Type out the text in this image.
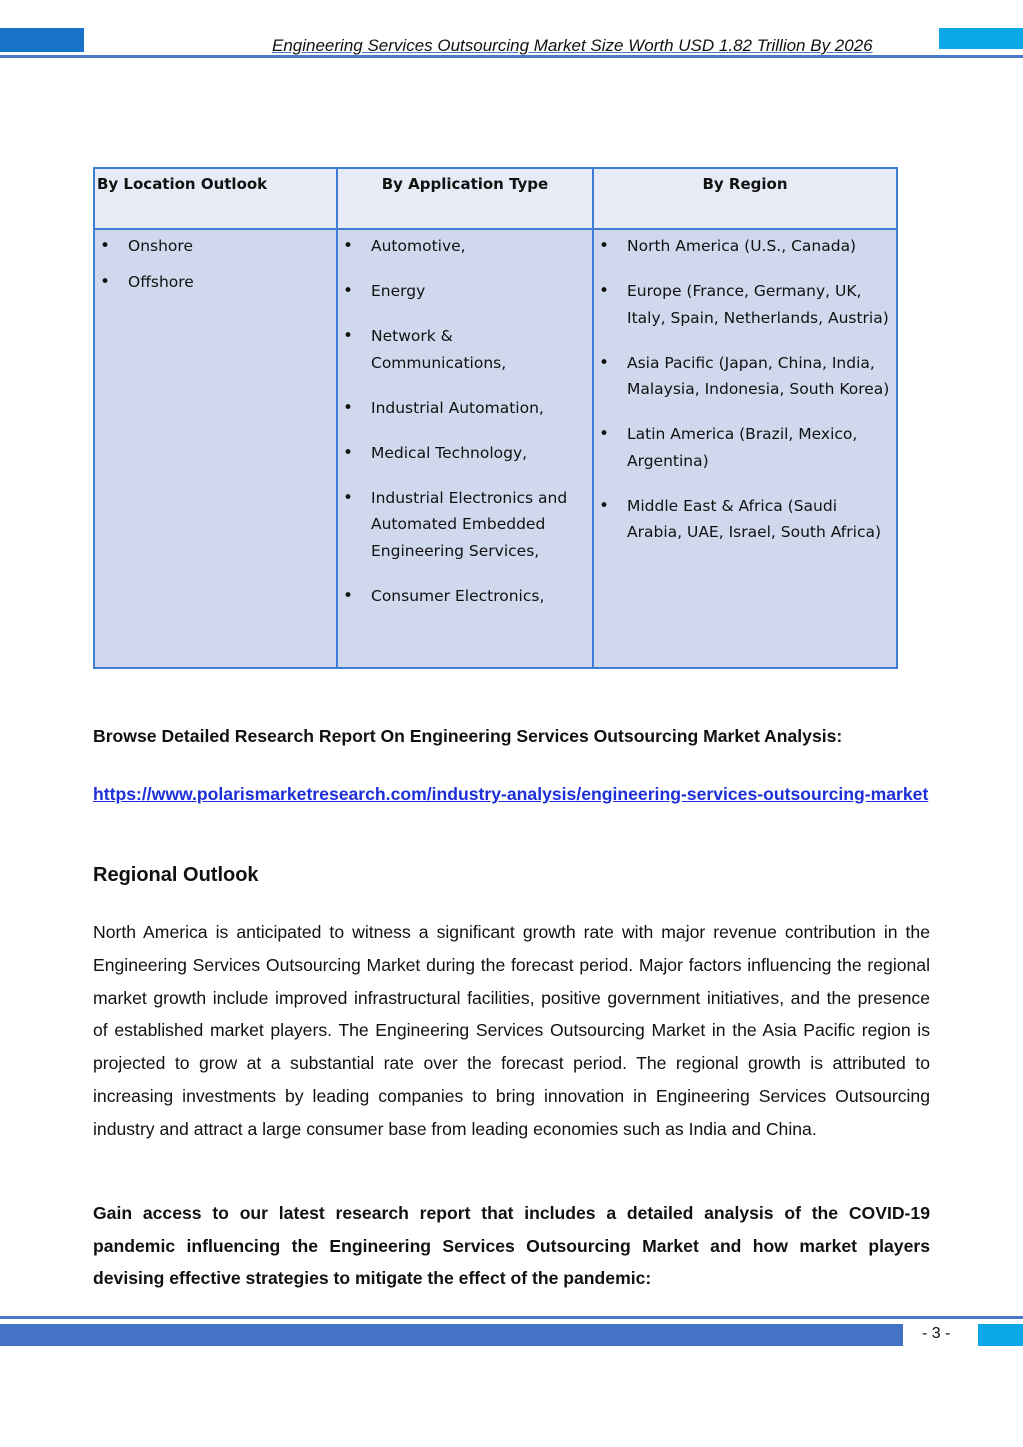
Engineering Services Outsourcing Market Size Worth USD 1.82 Trillion By 2026
By Location Outlook	By Application Type	By Region
• Onshore
• Offshore
• Automotive,
• Energy
• Network & Communications,
• Industrial Automation,
• Medical Technology,
• Industrial Electronics and Automated Embedded Engineering Services,
• Consumer Electronics,
• North America (U.S., Canada)
• Europe (France, Germany, UK, Italy, Spain, Netherlands, Austria)
• Asia Pacific (Japan, China, India, Malaysia, Indonesia, South Korea)
• Latin America (Brazil, Mexico, Argentina)
• Middle East & Africa (Saudi Arabia, UAE, Israel, South Africa)
Browse Detailed Research Report On Engineering Services Outsourcing Market Analysis:
https://www.polarismarketresearch.com/industry-analysis/engineering-services-outsourcing-market
Regional Outlook
North America is anticipated to witness a significant growth rate with major revenue contribution in the Engineering Services Outsourcing Market during the forecast period. Major factors influencing the regional market growth include improved infrastructural facilities, positive government initiatives, and the presence of established market players. The Engineering Services Outsourcing Market in the Asia Pacific region is projected to grow at a substantial rate over the forecast period. The regional growth is attributed to increasing investments by leading companies to bring innovation in Engineering Services Outsourcing industry and attract a large consumer base from leading economies such as India and China.
Gain access to our latest research report that includes a detailed analysis of the COVID-19 pandemic influencing the Engineering Services Outsourcing Market and how market players devising effective strategies to mitigate the effect of the pandemic:
- 3 -
